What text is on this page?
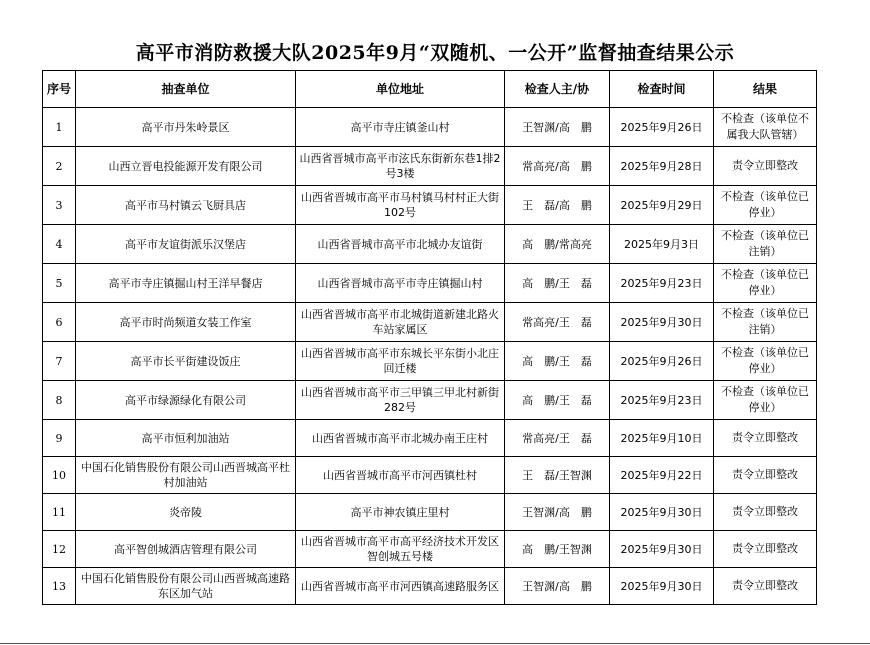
高平市消防救援大队2025年9月“双随机、一公开”监督抽查结果公示
序号	抽查单位	单位地址	检查人主/协	检查时间	结果
1	高平市丹朱岭景区	高平市寺庄镇釜山村	王智渊/高　鹏	2025年9月26日	不检查（该单位不属我大队管辖）

2	山西立晋电投能源开发有限公司	山西省晋城市高平市泫氏东街新东巷1排2号3楼	常高亮/高　鹏	2025年9月28日	责令立即整改

3	高平市马村镇云飞厨具店	山西省晋城市高平市马村镇马村村正大街102号	王　磊/高　鹏	2025年9月29日	不检查（该单位已停业）

4	高平市友谊街派乐汉堡店	山西省晋城市高平市北城办友谊街	高　鹏/常高亮	2025年9月3日	不检查（该单位已注销）

5	高平市寺庄镇掘山村王洋早餐店	山西省晋城市高平市寺庄镇掘山村	高　鹏/王　磊	2025年9月23日	不检查（该单位已停业）

6	高平市时尚频道女装工作室	山西省晋城市高平市北城街道新建北路火车站家属区	常高亮/王　磊	2025年9月30日	不检查（该单位已注销）

7	高平市长平街建设饭庄	山西省晋城市高平市东城长平东街小北庄回迁楼	高　鹏/王　磊	2025年9月26日	不检查（该单位已停业）

8	高平市绿源绿化有限公司	山西省晋城市高平市三甲镇三甲北村新街282号	高　鹏/王　磊	2025年9月23日	不检查（该单位已停业）

9	高平市恒利加油站	山西省晋城市高平市北城办南王庄村	常高亮/王　磊	2025年9月10日	责令立即整改

10	中国石化销售股份有限公司山西晋城高平杜村加油站	山西省晋城市高平市河西镇杜村	王　磊/王智渊	2025年9月22日	责令立即整改

11	炎帝陵	高平市神农镇庄里村	王智渊/高　鹏	2025年9月30日	责令立即整改

12	高平智创城酒店管理有限公司	山西省晋城市高平市高平经济技术开发区智创城五号楼	高　鹏/王智渊	2025年9月30日	责令立即整改

13	中国石化销售股份有限公司山西晋城高速路东区加气站	山西省晋城市高平市河西镇高速路服务区	王智渊/高　鹏	2025年9月30日	责令立即整改
